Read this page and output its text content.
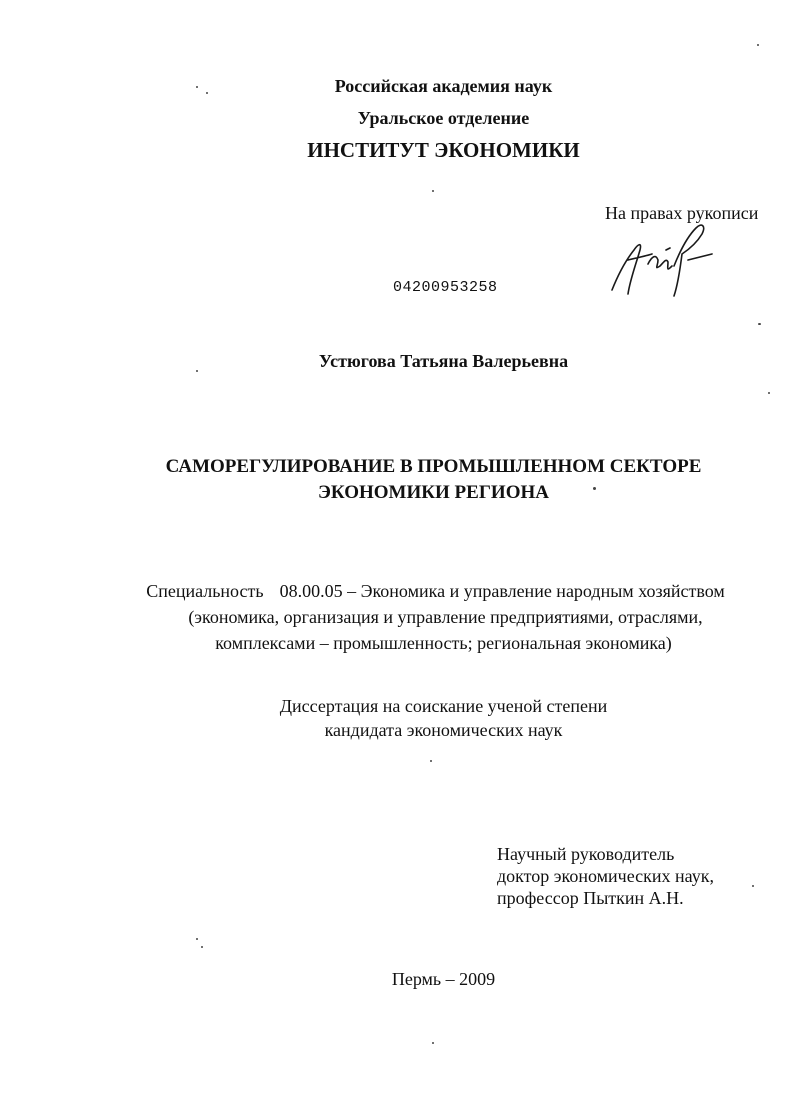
Российская академия наук
Уральское отделение
ИНСТИТУТ ЭКОНОМИКИ
На правах рукописи
04200953258
Устюгова Татьяна Валерьевна
САМОРЕГУЛИРОВАНИЕ В ПРОМЫШЛЕННОМ СЕКТОРЕ
ЭКОНОМИКИ РЕГИОНА
Специальность 08.00.05 – Экономика и управление народным хозяйством
(экономика, организация и управление предприятиями, отраслями,
комплексами – промышленность; региональная экономика)
Диссертация на соискание ученой степени
кандидата экономических наук
Научный руководитель
доктор экономических наук,
профессор Пыткин А.Н.
Пермь – 2009
